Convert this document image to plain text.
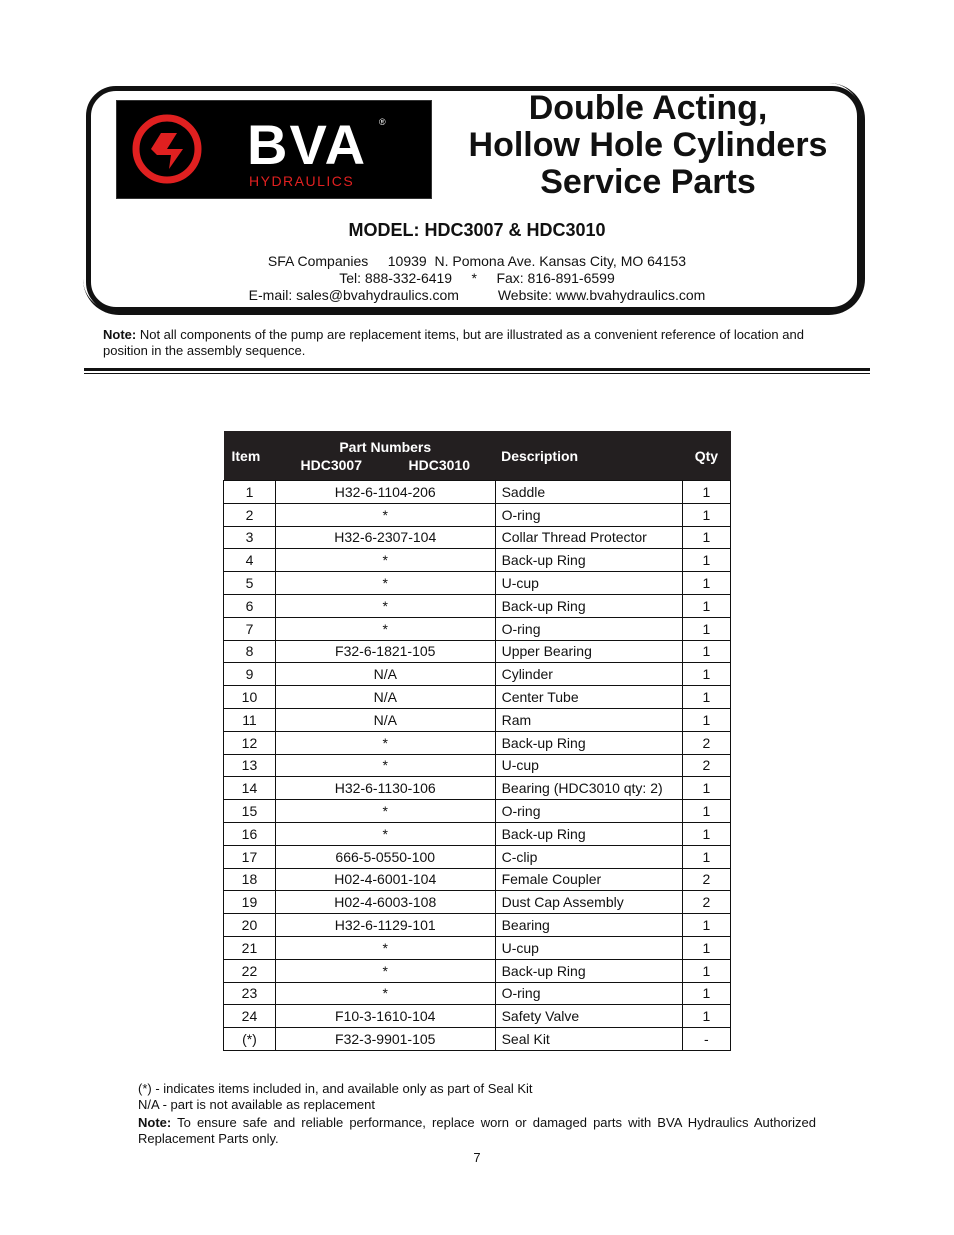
BVA ®
HYDRAULICS
Double Acting,
Hollow Hole Cylinders
Service Parts
MODEL: HDC3007 & HDC3010
SFA Companies     10939  N. Pomona Ave. Kansas City, MO 64153
Tel: 888-332-6419     *     Fax: 816-891-6599
E-mail: sales@bvahydraulics.com          Website: www.bvahydraulics.com
Note: Not all components of the pump are replacement items, but are illustrated as a convenient reference of location and position in the assembly sequence.
Item	Part Numbers	Description	Qty
	HDC3007 HDC3010		
1	H32-6-1104-206	Saddle	1
2	*	O-ring	1
3	H32-6-2307-104	Collar Thread Protector	1
4	*	Back-up Ring	1
5	*	U-cup	1
6	*	Back-up Ring	1
7	*	O-ring	1
8	F32-6-1821-105	Upper Bearing	1
9	N/A	Cylinder	1
10	N/A	Center Tube	1
11	N/A	Ram	1
12	*	Back-up Ring	2
13	*	U-cup	2
14	H32-6-1130-106	Bearing (HDC3010 qty: 2)	1
15	*	O-ring	1
16	*	Back-up Ring	1
17	666-5-0550-100	C-clip	1
18	H02-4-6001-104	Female Coupler	2
19	H02-4-6003-108	Dust Cap Assembly	2
20	H32-6-1129-101	Bearing	1
21	*	U-cup	1
22	*	Back-up Ring	1
23	*	O-ring	1
24	F10-3-1610-104	Safety Valve	1
(*)	F32-3-9901-105	Seal Kit	-
(*) - indicates items included in, and available only as part of Seal Kit
N/A - part is not available as replacement
Note: To ensure safe and reliable performance, replace worn or damaged parts with BVA Hydraulics Authorized Replacement Parts only.
7
